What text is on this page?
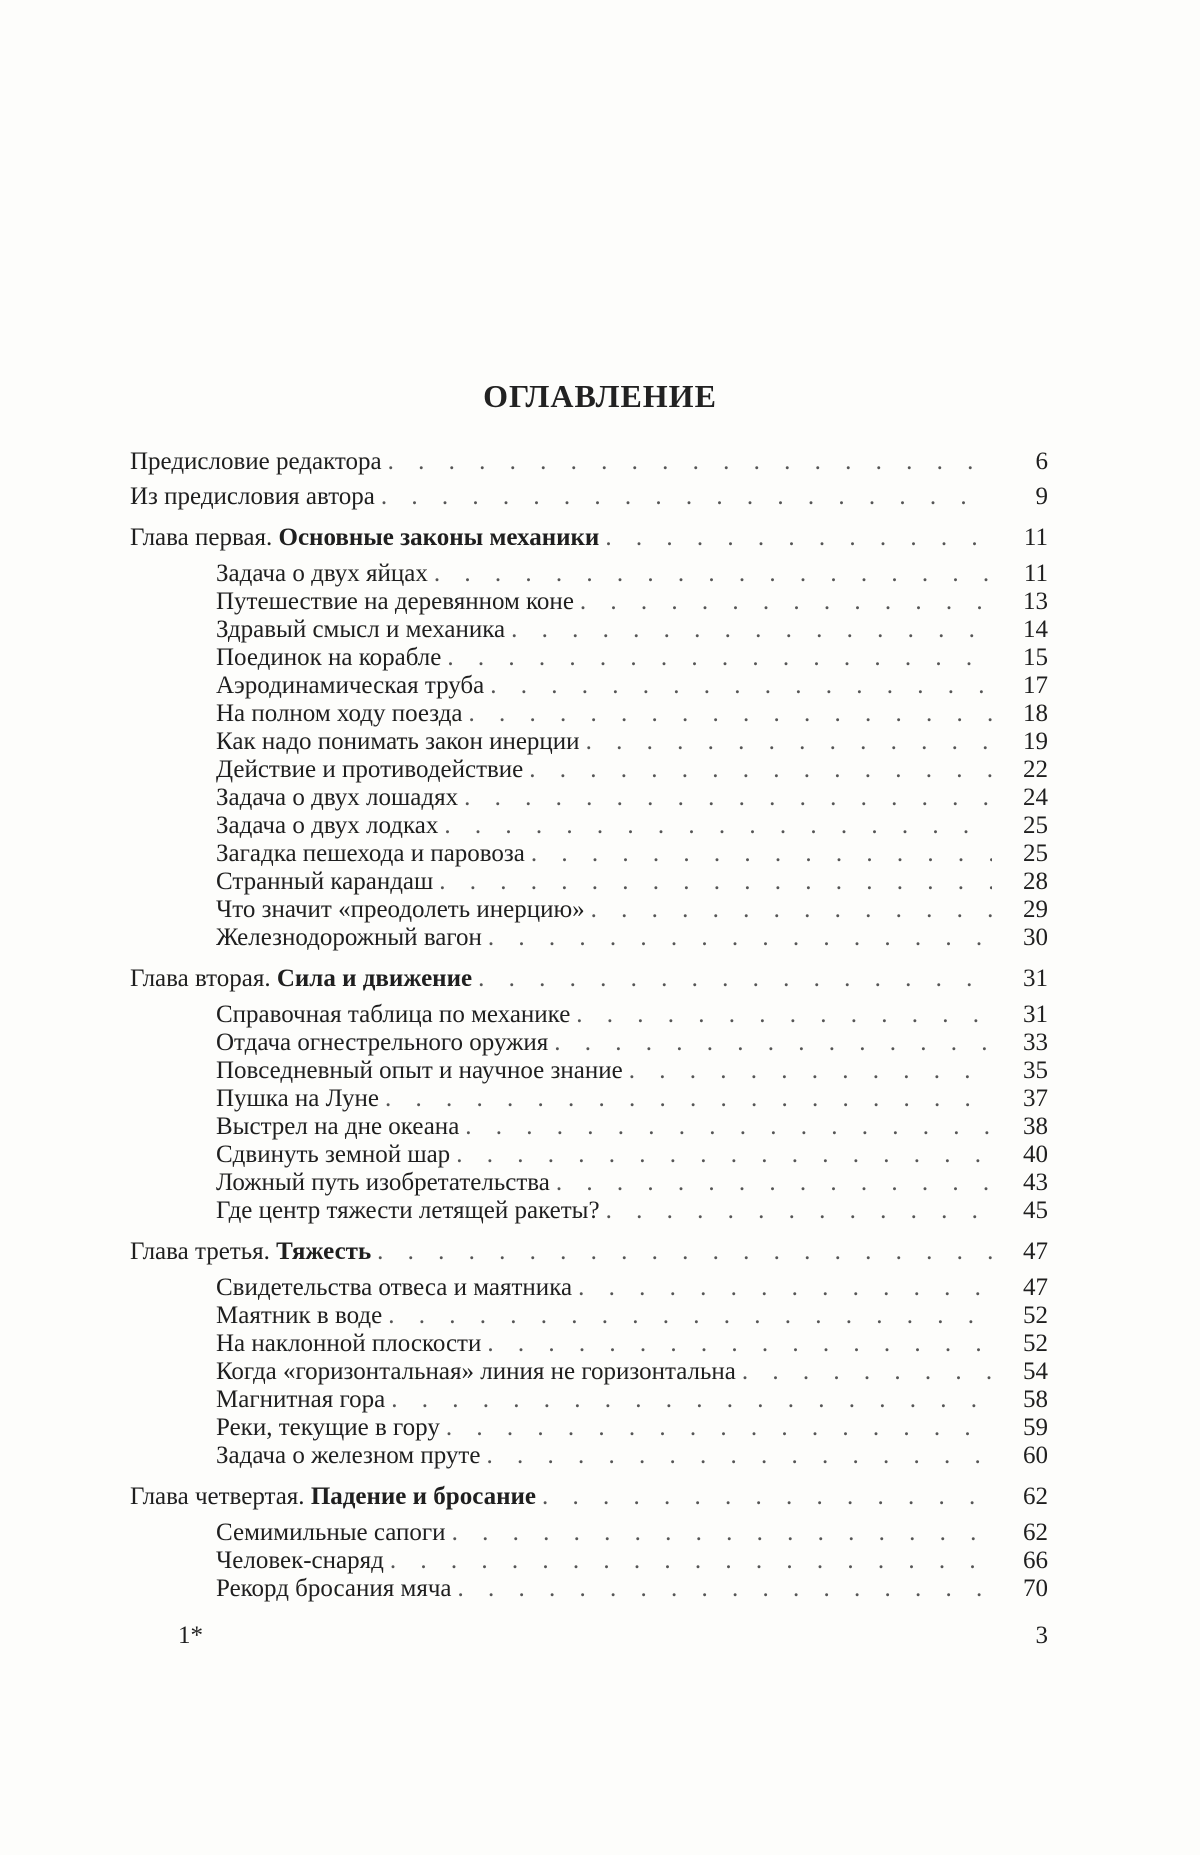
ОГЛАВЛЕНИЕ
Предисловие редактора . . .	6
Из предисловия автора . . .	9
Глава первая. Основные законы механики . . .	11
Задача о двух яйцах . . .	11
Путешествие на деревянном коне . . .	13
Здравый смысл и механика . . .	14
Поединок на корабле . . .	15
Аэродинамическая труба . . .	17
На полном ходу поезда . . .	18
Как надо понимать закон инерции . . .	19
Действие и противодействие . . .	22
Задача о двух лошадях . . .	24
Задача о двух лодках . . .	25
Загадка пешехода и паровоза . . .	25
Странный карандаш . . .	28
Что значит «преодолеть инерцию» . . .	29
Железнодорожный вагон . . .	30
Глава вторая. Сила и движение . . .	31
Справочная таблица по механике . . .	31
Отдача огнестрельного оружия . . .	33
Повседневный опыт и научное знание . . .	35
Пушка на Луне . . .	37
Выстрел на дне океана . . .	38
Сдвинуть земной шар . . .	40
Ложный путь изобретательства . . .	43
Где центр тяжести летящей ракеты? . . .	45
Глава третья. Тяжесть . . .	47
Свидетельства отвеса и маятника . . .	47
Маятник в воде . . .	52
На наклонной плоскости . . .	52
Когда «горизонтальная» линия не горизонтальна . . .	54
Магнитная гора . . .	58
Реки, текущие в гору . . .	59
Задача о железном пруте . . .	60
Глава четвертая. Падение и бросание . . .	62
Семимильные сапоги . . .	62
Человек-снаряд . . .	66
Рекорд бросания мяча . . .	70
1*	3
